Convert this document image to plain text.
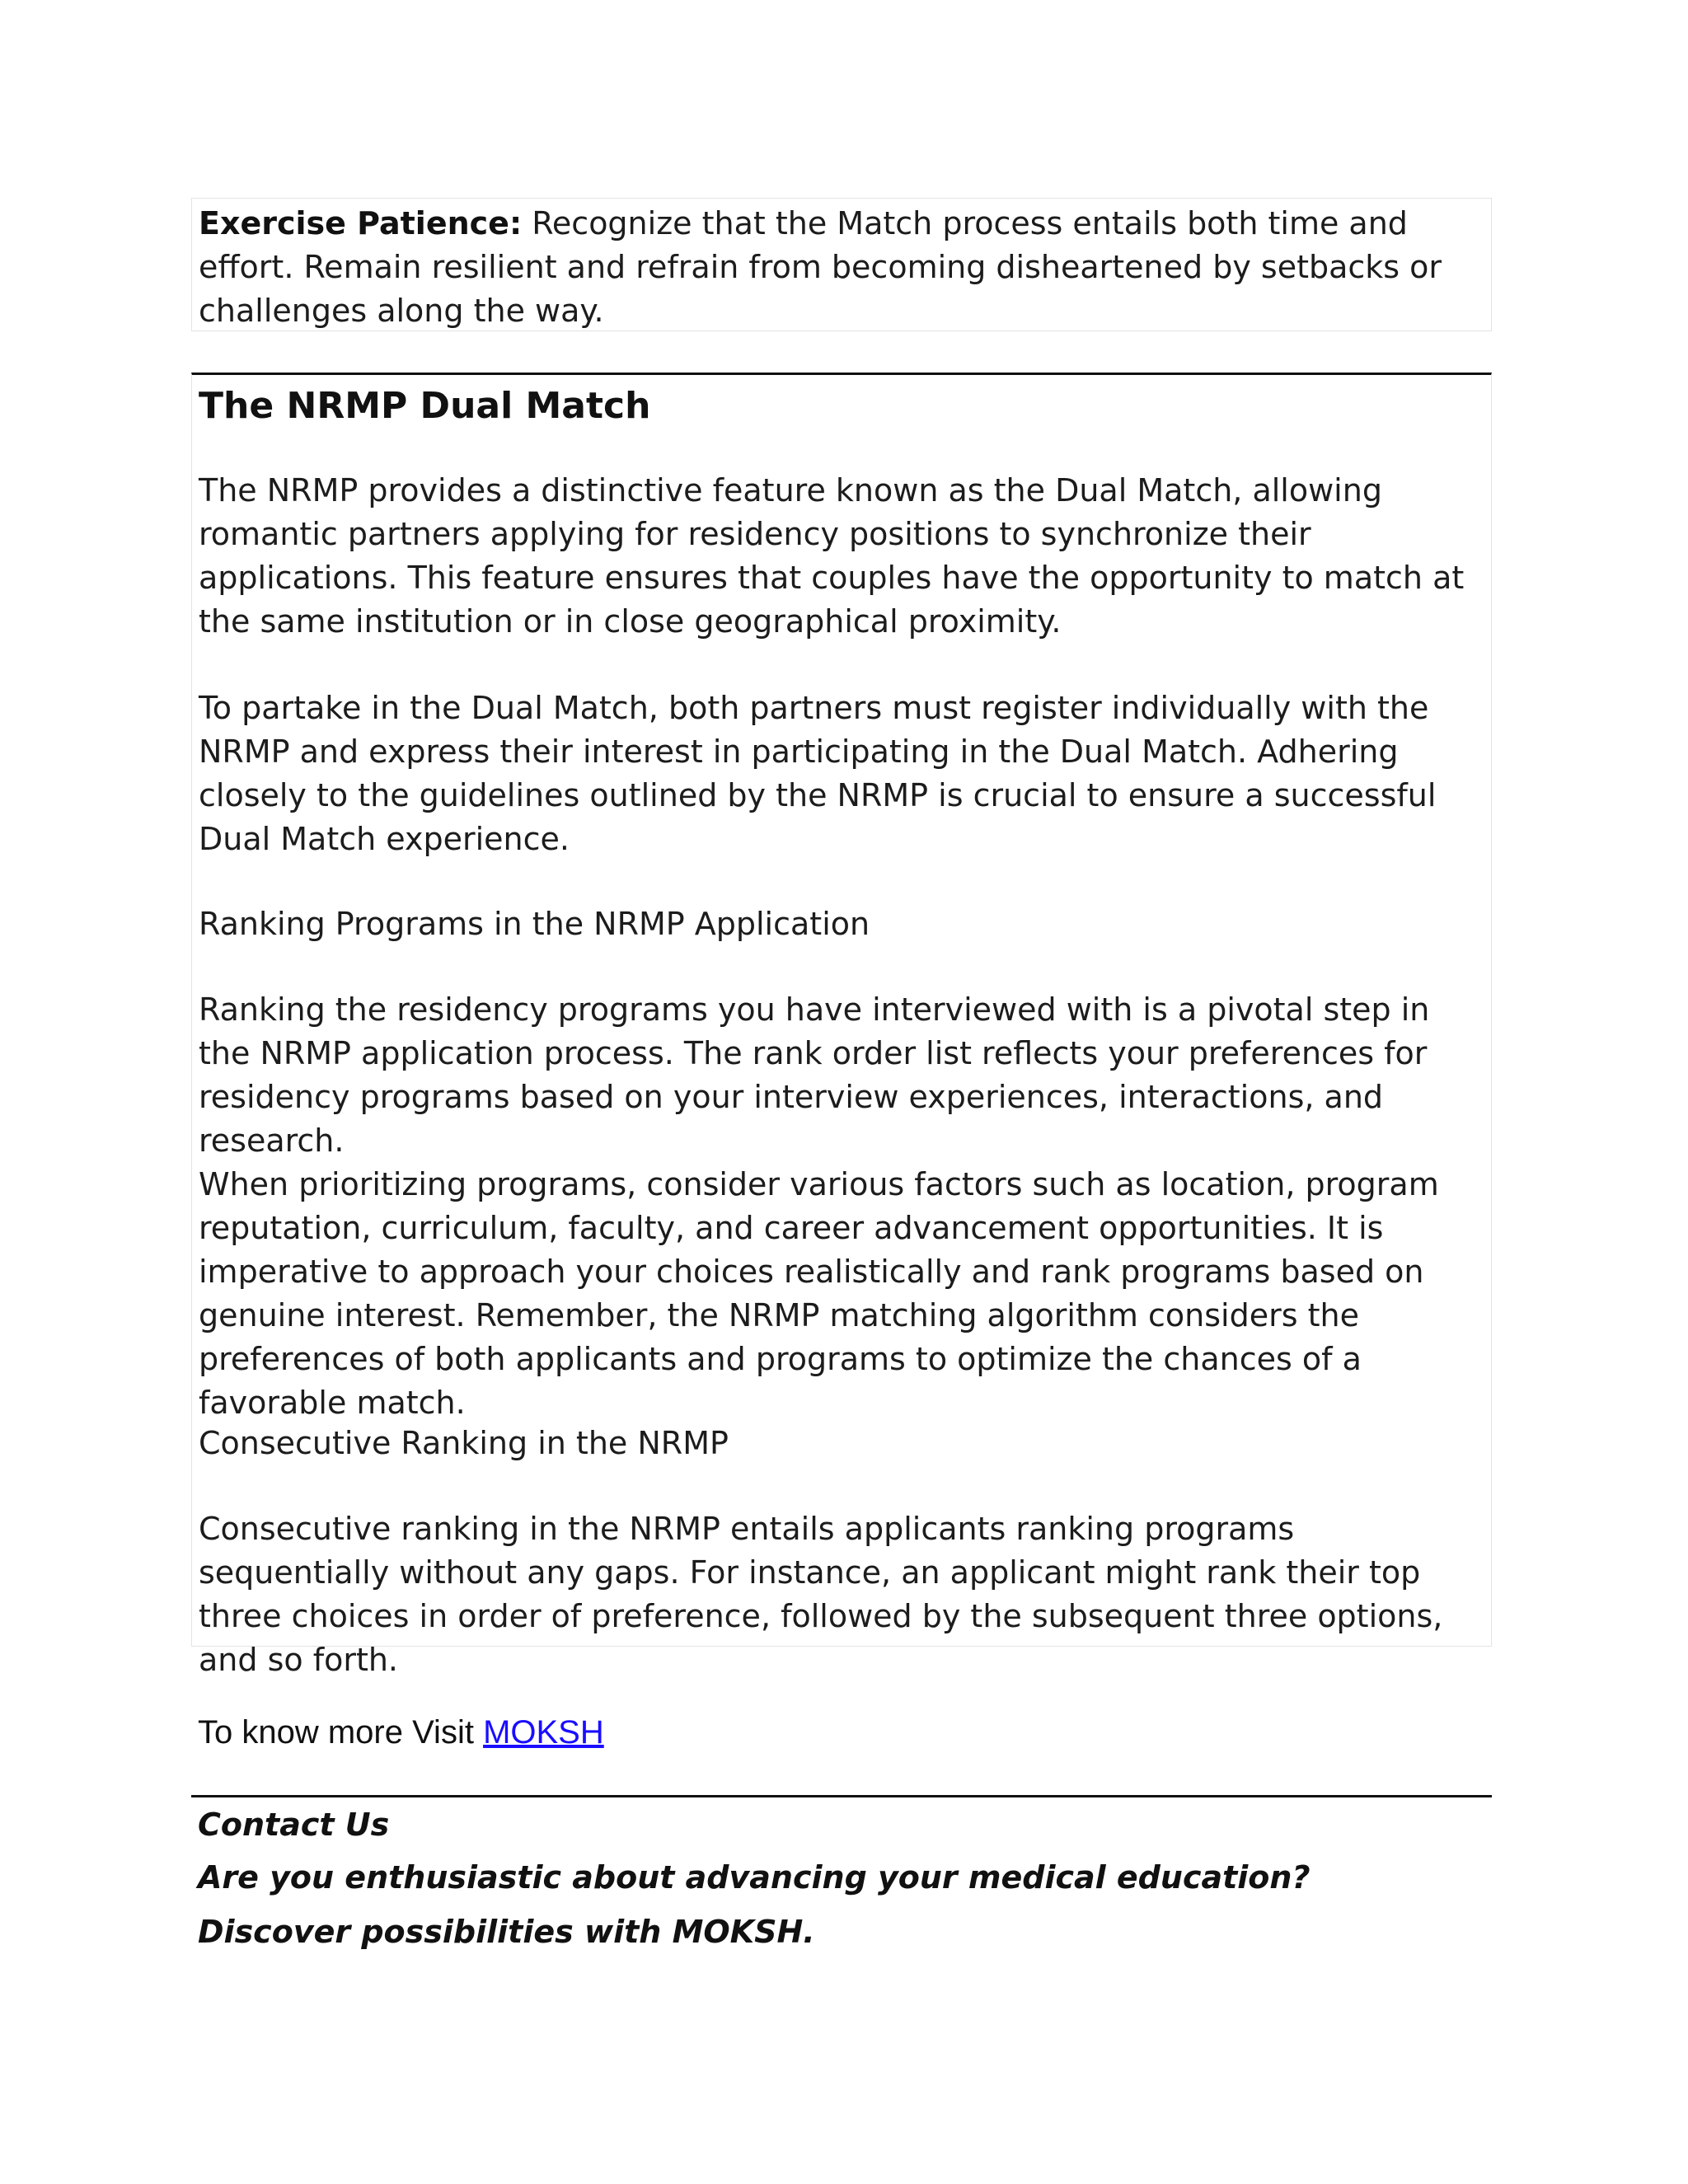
Exercise Patience: Recognize that the Match process entails both time and effort. Remain resilient and refrain from becoming disheartened by setbacks or challenges along the way.

The NRMP Dual Match

The NRMP provides a distinctive feature known as the Dual Match, allowing romantic partners applying for residency positions to synchronize their applications. This feature ensures that couples have the opportunity to match at the same institution or in close geographical proximity.

To partake in the Dual Match, both partners must register individually with the NRMP and express their interest in participating in the Dual Match. Adhering closely to the guidelines outlined by the NRMP is crucial to ensure a successful Dual Match experience.

Ranking Programs in the NRMP Application

Ranking the residency programs you have interviewed with is a pivotal step in the NRMP application process. The rank order list reflects your preferences for residency programs based on your interview experiences, interactions, and research.

When prioritizing programs, consider various factors such as location, program reputation, curriculum, faculty, and career advancement opportunities. It is imperative to approach your choices realistically and rank programs based on genuine interest. Remember, the NRMP matching algorithm considers the preferences of both applicants and programs to optimize the chances of a favorable match.

Consecutive Ranking in the NRMP

Consecutive ranking in the NRMP entails applicants ranking programs sequentially without any gaps. For instance, an applicant might rank their top three choices in order of preference, followed by the subsequent three options, and so forth.

To know more Visit MOKSH

Contact Us

Are you enthusiastic about advancing your medical education?

Discover possibilities with MOKSH.
